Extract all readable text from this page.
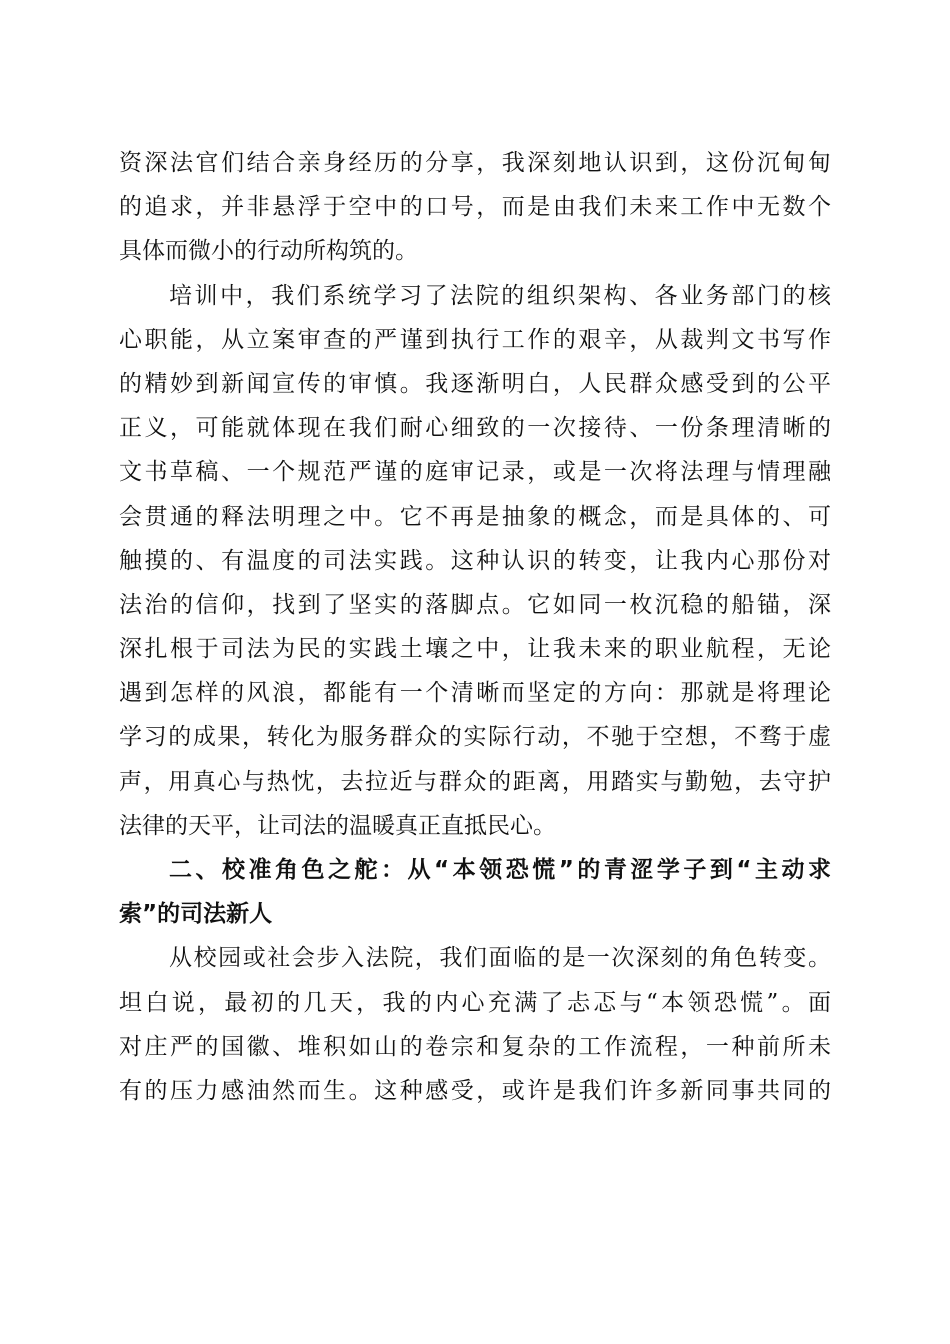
资深法官们结合亲身经历的分享，我深刻地认识到，这份沉甸甸
的追求，并非悬浮于空中的口号，而是由我们未来工作中无数个
具体而微小的行动所构筑的。
培训中，我们系统学习了法院的组织架构、各业务部门的核
心职能，从立案审查的严谨到执行工作的艰辛，从裁判文书写作
的精妙到新闻宣传的审慎。我逐渐明白，人民群众感受到的公平
正义，可能就体现在我们耐心细致的一次接待、一份条理清晰的
文书草稿、一个规范严谨的庭审记录，或是一次将法理与情理融
会贯通的释法明理之中。它不再是抽象的概念，而是具体的、可
触摸的、有温度的司法实践。这种认识的转变，让我内心那份对
法治的信仰，找到了坚实的落脚点。它如同一枚沉稳的船锚，深
深扎根于司法为民的实践土壤之中，让我未来的职业航程，无论
遇到怎样的风浪，都能有一个清晰而坚定的方向：那就是将理论
学习的成果，转化为服务群众的实际行动，不驰于空想，不骛于虚
声，用真心与热忱，去拉近与群众的距离，用踏实与勤勉，去守护
法律的天平，让司法的温暖真正直抵民心。
二、校准角色之舵：从“本领恐慌”的青涩学子到“主动求
索”的司法新人
从校园或社会步入法院，我们面临的是一次深刻的角色转变。
坦白说，最初的几天，我的内心充满了忐忑与“本领恐慌”。面
对庄严的国徽、堆积如山的卷宗和复杂的工作流程，一种前所未
有的压力感油然而生。这种感受，或许是我们许多新同事共同的
